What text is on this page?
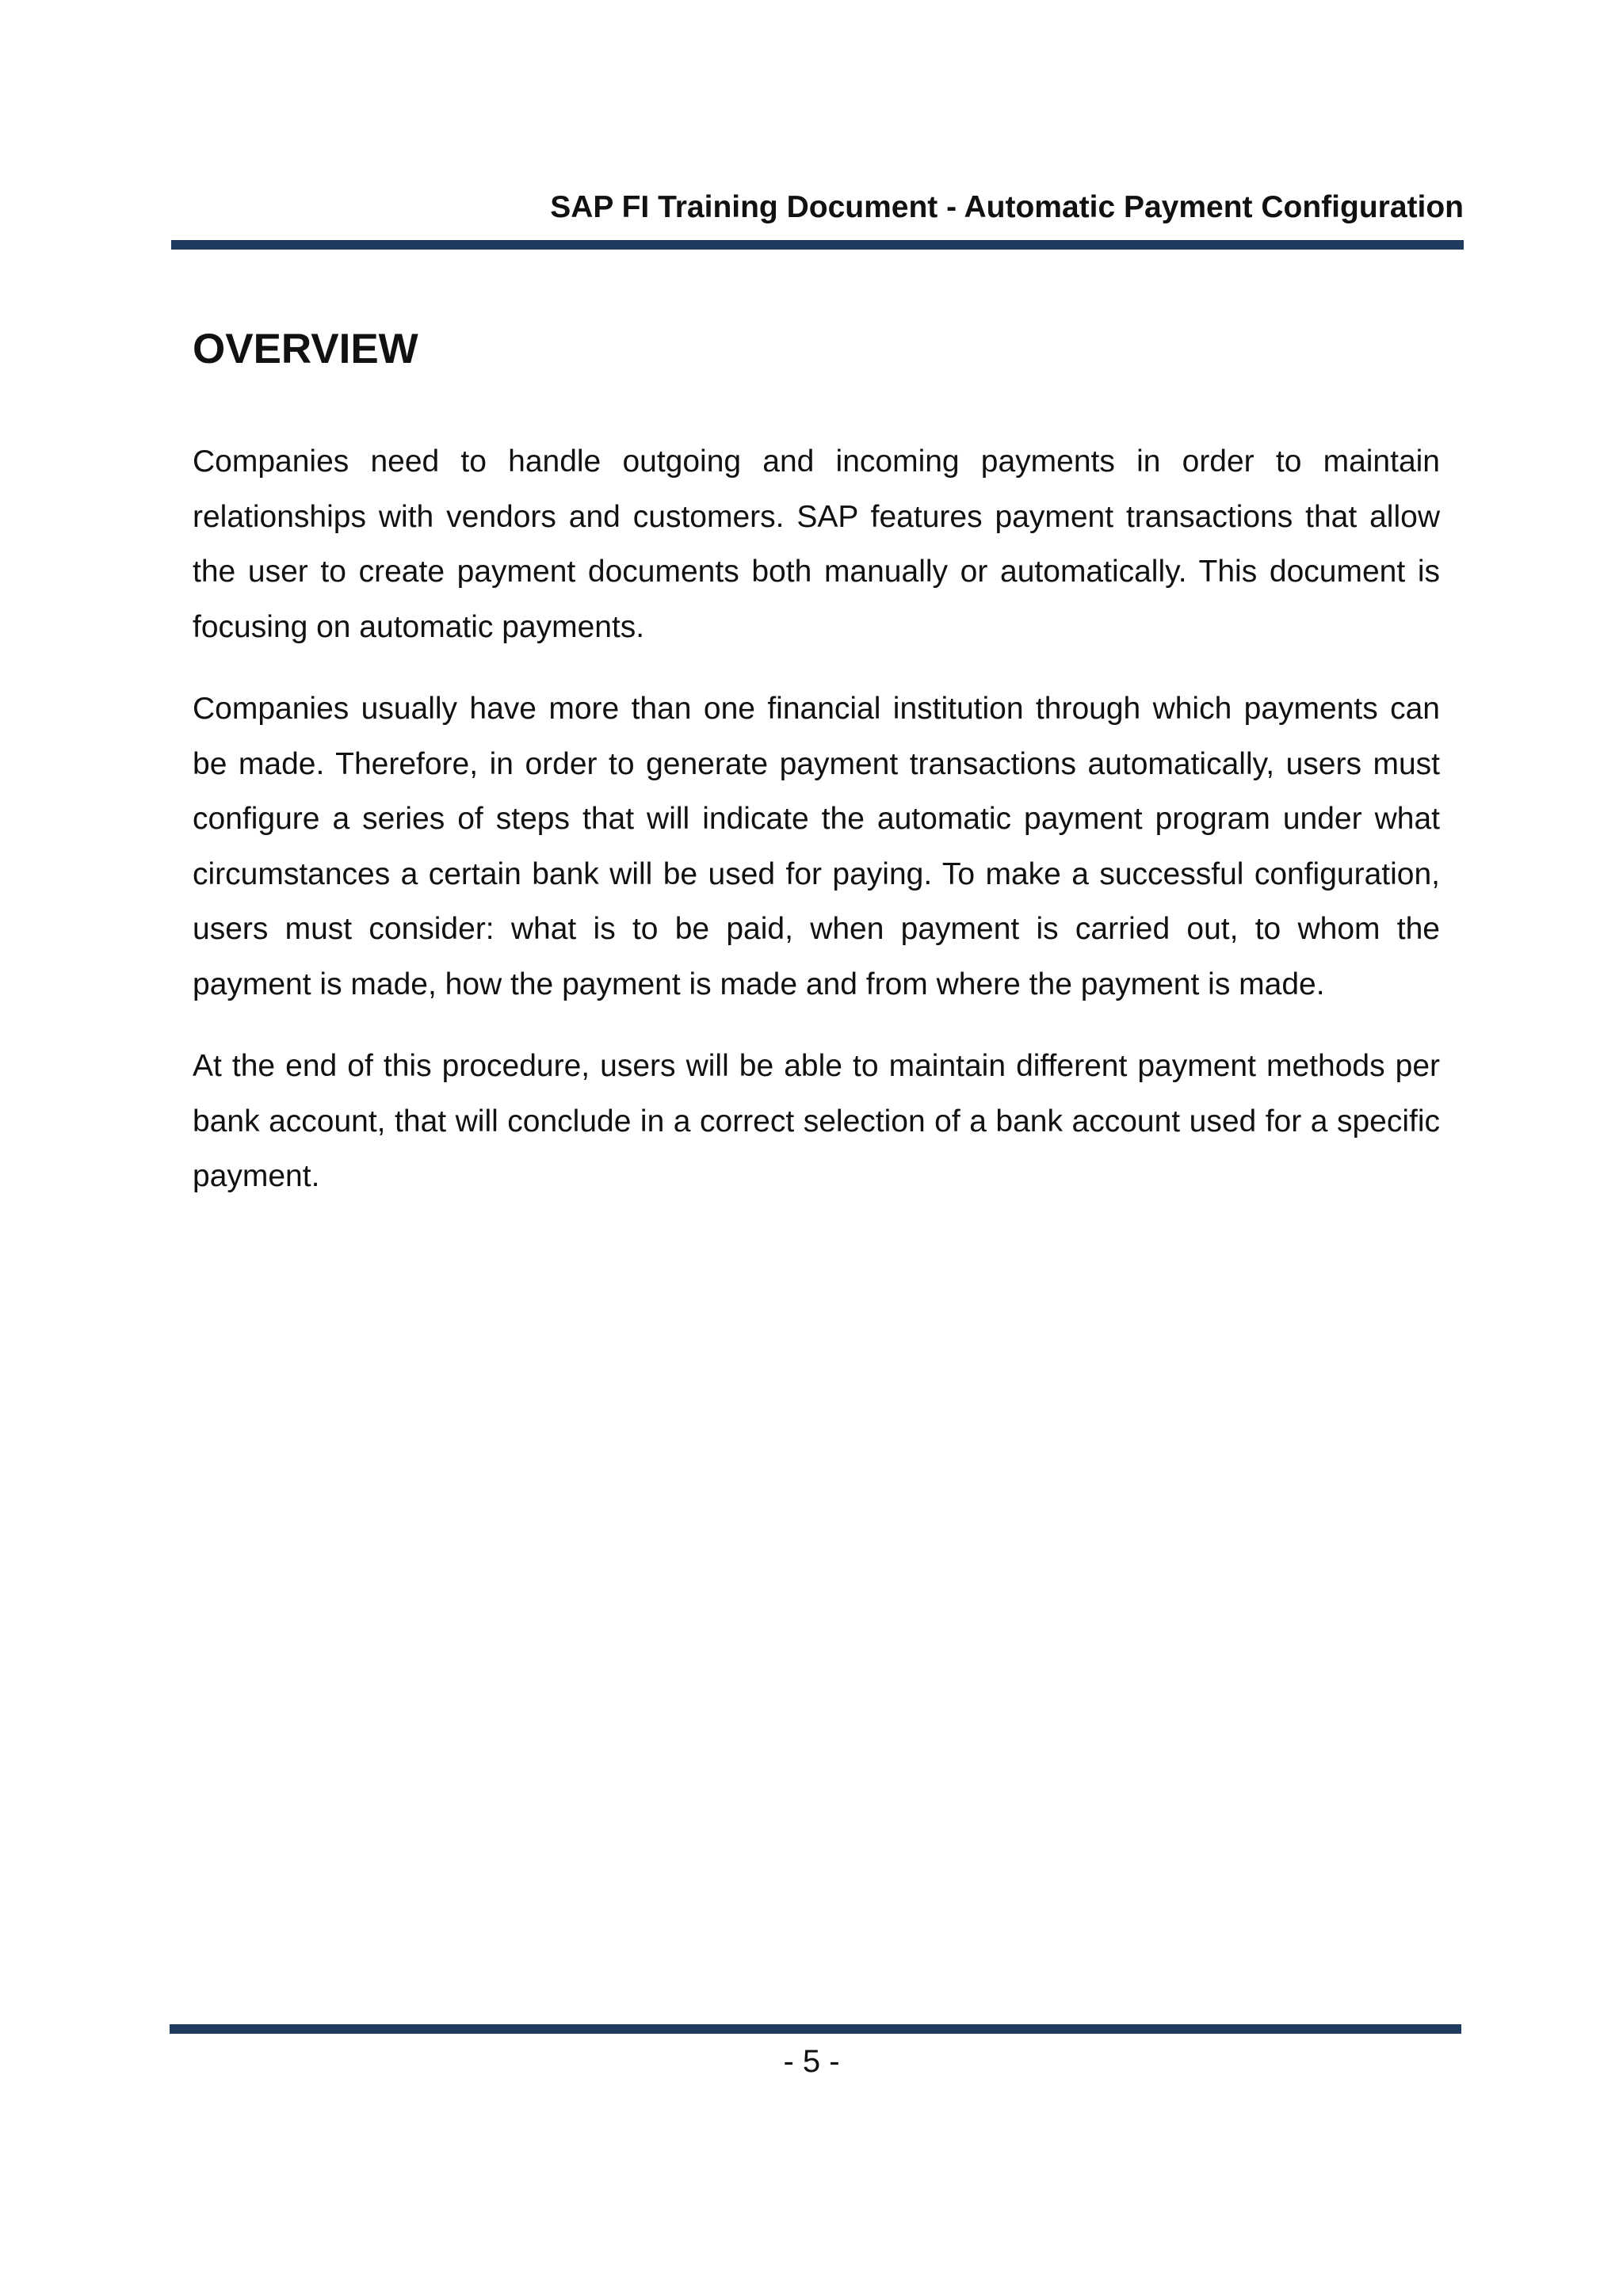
SAP FI Training Document - Automatic Payment Configuration
OVERVIEW

Companies need to handle outgoing and incoming payments in order to maintain relationships with vendors and customers. SAP features payment transactions that allow the user to create payment documents both manually or automatically. This document is focusing on automatic payments.

Companies usually have more than one financial institution through which payments can be made. Therefore, in order to generate payment transactions automatically, users must configure a series of steps that will indicate the automatic payment program under what circumstances a certain bank will be used for paying. To make a successful configuration, users must consider: what is to be paid, when payment is carried out, to whom the payment is made, how the payment is made and from where the payment is made.

At the end of this procedure, users will be able to maintain different payment methods per bank account, that will conclude in a correct selection of a bank account used for a specific payment.

- 5 -
